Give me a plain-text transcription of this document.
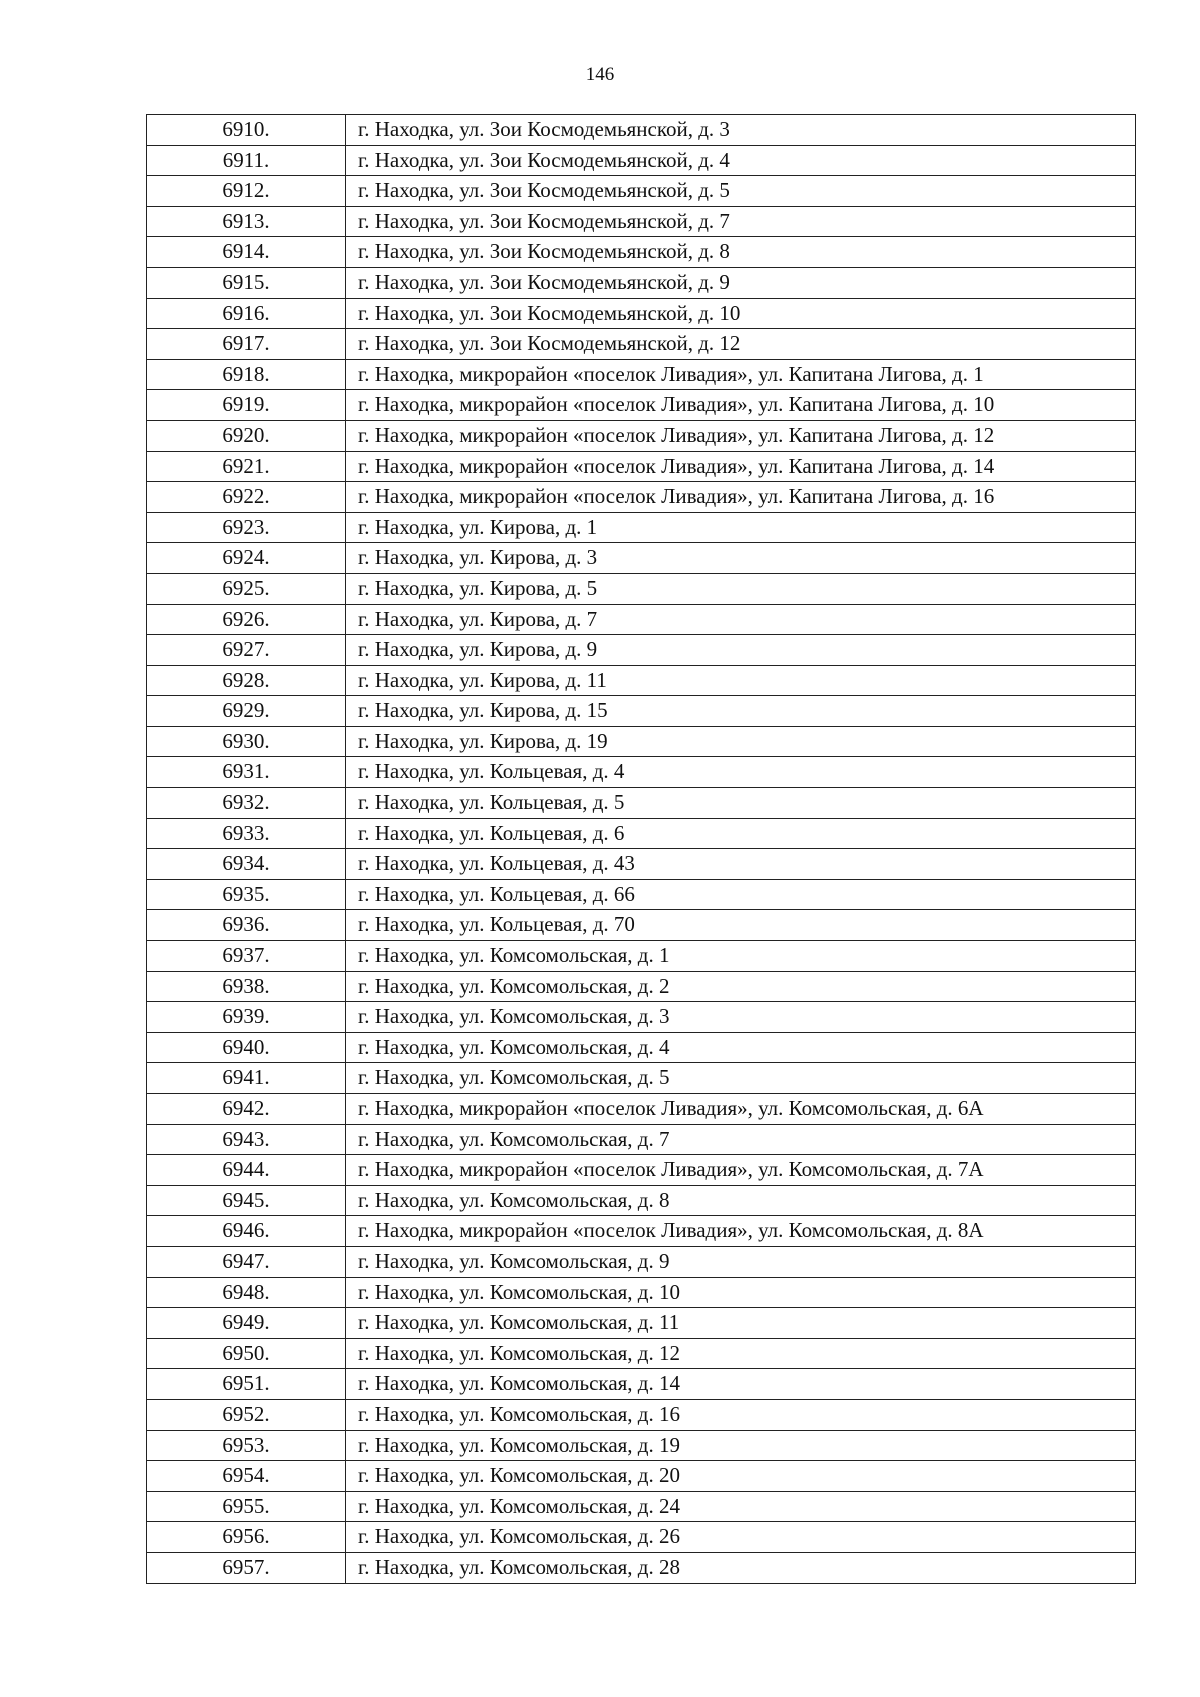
146
6910.	г. Находка, ул. Зои Космодемьянской, д. 3
6911.	г. Находка, ул. Зои Космодемьянской, д. 4
6912.	г. Находка, ул. Зои Космодемьянской, д. 5
6913.	г. Находка, ул. Зои Космодемьянской, д. 7
6914.	г. Находка, ул. Зои Космодемьянской, д. 8
6915.	г. Находка, ул. Зои Космодемьянской, д. 9
6916.	г. Находка, ул. Зои Космодемьянской, д. 10
6917.	г. Находка, ул. Зои Космодемьянской, д. 12
6918.	г. Находка, микрорайон «поселок Ливадия», ул. Капитана Лигова, д. 1
6919.	г. Находка, микрорайон «поселок Ливадия», ул. Капитана Лигова, д. 10
6920.	г. Находка, микрорайон «поселок Ливадия», ул. Капитана Лигова, д. 12
6921.	г. Находка, микрорайон «поселок Ливадия», ул. Капитана Лигова, д. 14
6922.	г. Находка, микрорайон «поселок Ливадия», ул. Капитана Лигова, д. 16
6923.	г. Находка, ул. Кирова, д. 1
6924.	г. Находка, ул. Кирова, д. 3
6925.	г. Находка, ул. Кирова, д. 5
6926.	г. Находка, ул. Кирова, д. 7
6927.	г. Находка, ул. Кирова, д. 9
6928.	г. Находка, ул. Кирова, д. 11
6929.	г. Находка, ул. Кирова, д. 15
6930.	г. Находка, ул. Кирова, д. 19
6931.	г. Находка, ул. Кольцевая, д. 4
6932.	г. Находка, ул. Кольцевая, д. 5
6933.	г. Находка, ул. Кольцевая, д. 6
6934.	г. Находка, ул. Кольцевая, д. 43
6935.	г. Находка, ул. Кольцевая, д. 66
6936.	г. Находка, ул. Кольцевая, д. 70
6937.	г. Находка, ул. Комсомольская, д. 1
6938.	г. Находка, ул. Комсомольская, д. 2
6939.	г. Находка, ул. Комсомольская, д. 3
6940.	г. Находка, ул. Комсомольская, д. 4
6941.	г. Находка, ул. Комсомольская, д. 5
6942.	г. Находка, микрорайон «поселок Ливадия», ул. Комсомольская, д. 6А
6943.	г. Находка, ул. Комсомольская, д. 7
6944.	г. Находка, микрорайон «поселок Ливадия», ул. Комсомольская, д. 7А
6945.	г. Находка, ул. Комсомольская, д. 8
6946.	г. Находка, микрорайон «поселок Ливадия», ул. Комсомольская, д. 8А
6947.	г. Находка, ул. Комсомольская, д. 9
6948.	г. Находка, ул. Комсомольская, д. 10
6949.	г. Находка, ул. Комсомольская, д. 11
6950.	г. Находка, ул. Комсомольская, д. 12
6951.	г. Находка, ул. Комсомольская, д. 14
6952.	г. Находка, ул. Комсомольская, д. 16
6953.	г. Находка, ул. Комсомольская, д. 19
6954.	г. Находка, ул. Комсомольская, д. 20
6955.	г. Находка, ул. Комсомольская, д. 24
6956.	г. Находка, ул. Комсомольская, д. 26
6957.	г. Находка, ул. Комсомольская, д. 28
